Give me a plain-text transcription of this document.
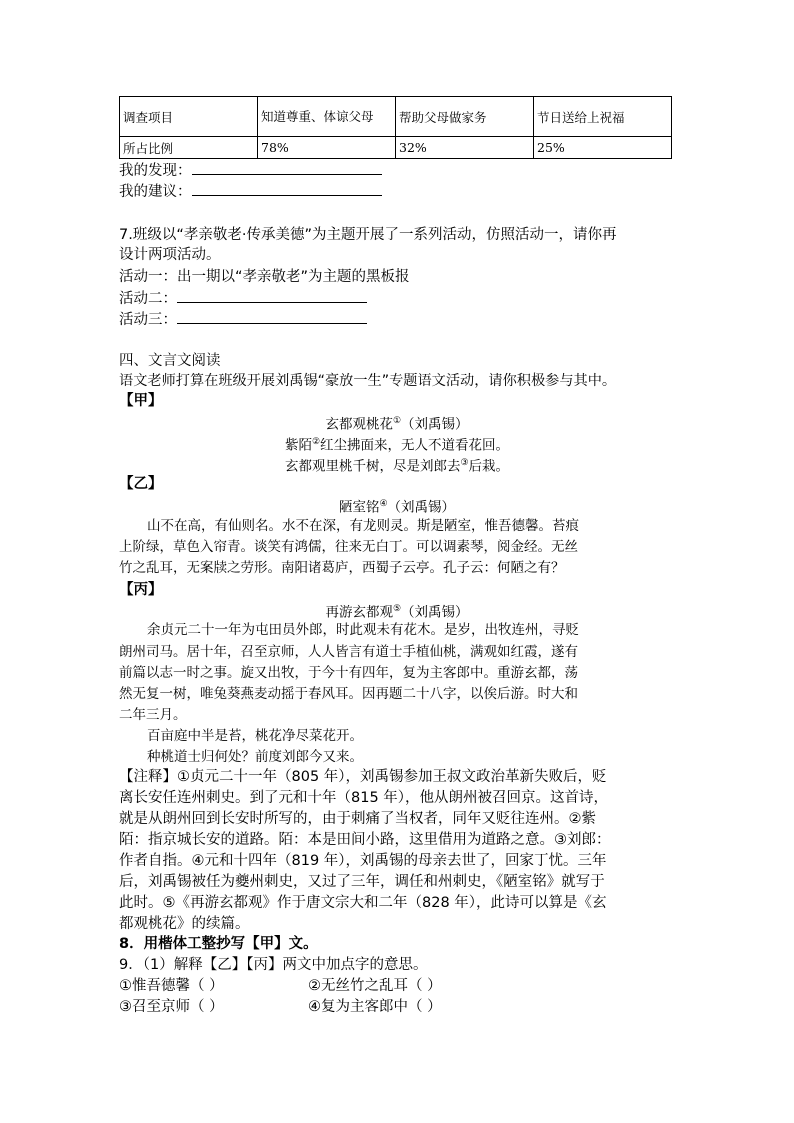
调查项目	知道尊重、体谅父母	帮助父母做家务	节日送给上祝福
所占比例	78%	32%	25%
我的发现：
我的建议：
7.班级以“孝亲敬老·传承美德”为主题开展了一系列活动，仿照活动一，请你再
设计两项活动。
活动一：出一期以“孝亲敬老”为主题的黑板报
活动二：
活动三：
四、文言文阅读
语文老师打算在班级开展刘禹锡“豪放一生”专题语文活动，请你积极参与其中。
【甲】
玄都观桃花①（刘禹锡）
紫陌②红尘拂面来，无人不道看花回。
玄都观里桃千树，尽是刘郎去③后栽。
【乙】
陋室铭④（刘禹锡）
山不在高，有仙则名。水不在深，有龙则灵。斯是陋室，惟吾德馨。苔痕
上阶绿，草色入帘青。谈笑有鸿儒，往来无白丁。可以调素琴，阅金经。无丝
竹之乱耳，无案牍之劳形。南阳诸葛庐，西蜀子云亭。孔子云：何陋之有？
【丙】
再游玄都观⑤（刘禹锡）
余贞元二十一年为屯田员外郎，时此观未有花木。是岁，出牧连州，寻贬
朗州司马。居十年，召至京师，人人皆言有道士手植仙桃，满观如红霞，遂有
前篇以志一时之事。旋又出牧，于今十有四年，复为主客郎中。重游玄都，荡
然无复一树，唯兔葵燕麦动摇于春风耳。因再题二十八字，以俟后游。时大和
二年三月。
百亩庭中半是苔，桃花净尽菜花开。
种桃道士归何处？前度刘郎今又来。
【注释】①贞元二十一年（805 年），刘禹锡参加王叔文政治革新失败后，贬
离长安任连州刺史。到了元和十年（815 年），他从朗州被召回京。这首诗，
就是从朗州回到长安时所写的，由于刺痛了当权者，同年又贬往连州。②紫
陌：指京城长安的道路。陌：本是田间小路，这里借用为道路之意。③刘郎：
作者自指。④元和十四年（819 年），刘禹锡的母亲去世了，回家丁忧。三年
后，刘禹锡被任为夔州刺史，又过了三年，调任和州刺史，《陋室铭》就写于
此时。⑤《再游玄都观》作于唐文宗大和二年（828 年），此诗可以算是《玄
都观桃花》的续篇。
8．用楷体工整抄写【甲】文。
9．（1）解释【乙】【丙】两文中加点字的意思。
①惟吾德馨（ ）	②无丝竹之乱耳（ ）
③召至京师（ ）	④复为主客郎中（ ）
